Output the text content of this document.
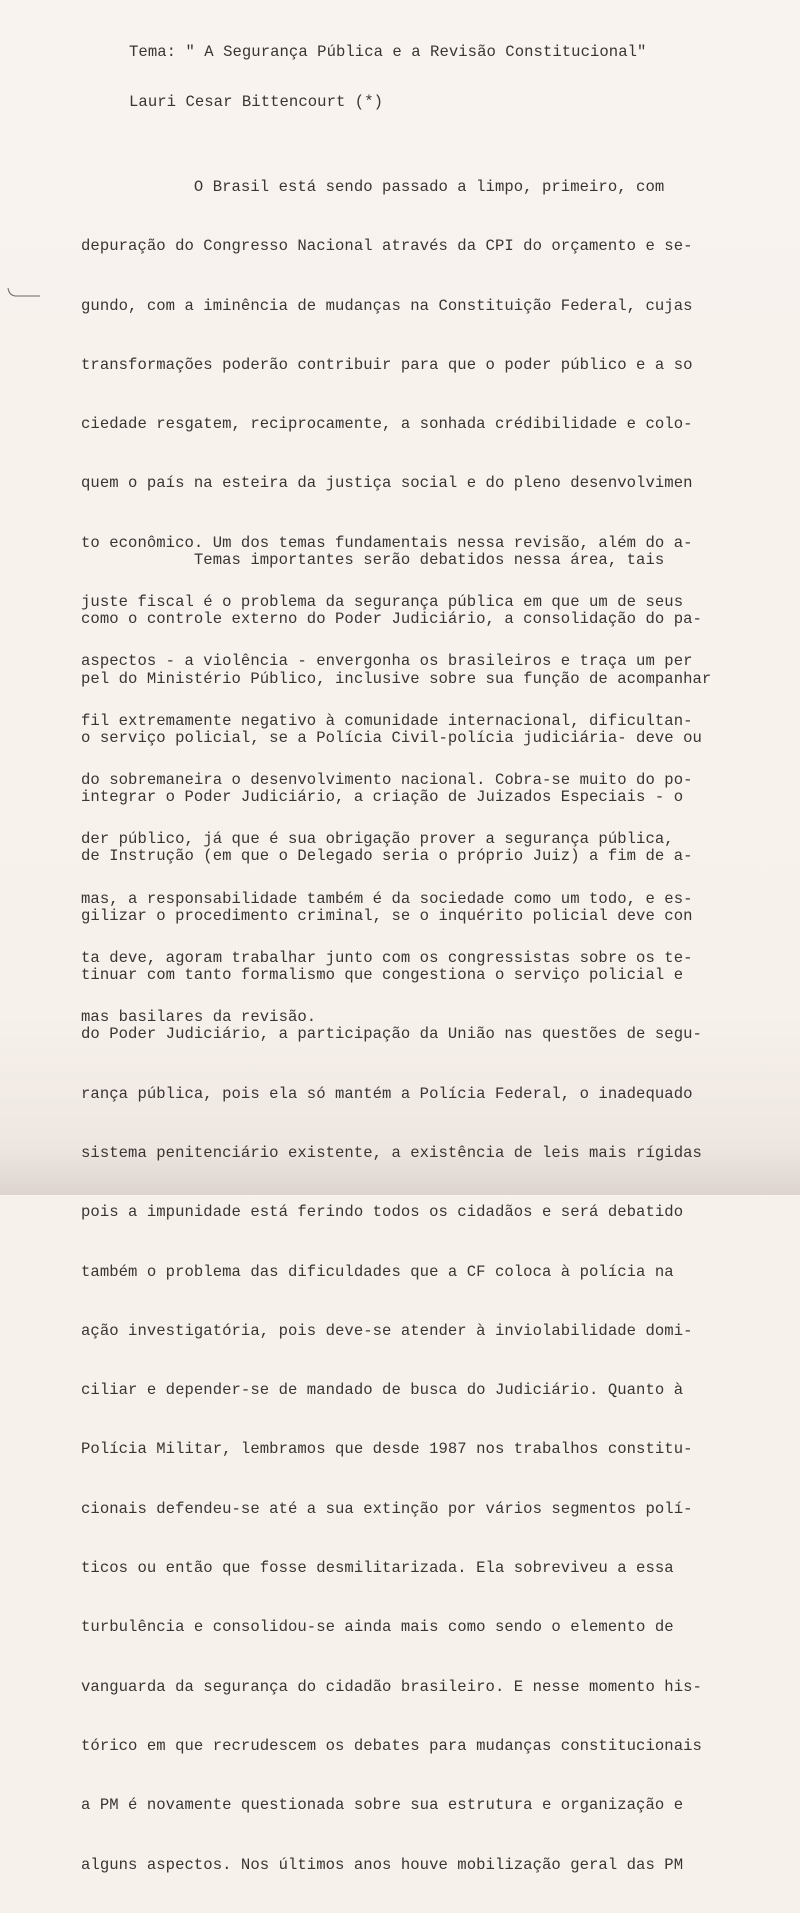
Tema: " A Segurança Pública e a Revisão Constitucional"
Lauri Cesar Bittencourt (*)

O Brasil está sendo passado a limpo, primeiro, com

depuração do Congresso Nacional através da CPI do orçamento e se-

gundo, com a iminência de mudanças na Constituição Federal, cujas

transformações poderão contribuir para que o poder público e a so

ciedade resgatem, reciprocamente, a sonhada crédibilidade e colo-

quem o país na esteira da justiça social e do pleno desenvolvimen

to econômico. Um dos temas fundamentais nessa revisão, além do a-

juste fiscal é o problema da segurança pública em que um de seus

aspectos - a violência - envergonha os brasileiros e traça um per

fil extremamente negativo à comunidade internacional, dificultan-

do sobremaneira o desenvolvimento nacional. Cobra-se muito do po-

der público, já que é sua obrigação prover a segurança pública,

mas, a responsabilidade também é da sociedade como um todo, e es-

ta deve, agoram trabalhar junto com os congressistas sobre os te-

mas basilares da revisão.

Temas importantes serão debatidos nessa área, tais

como o controle externo do Poder Judiciário, a consolidação do pa-

pel do Ministério Público, inclusive sobre sua função de acompanhar

o serviço policial, se a Polícia Civil-polícia judiciária- deve ou

integrar o Poder Judiciário, a criação de Juizados Especiais - o

de Instrução (em que o Delegado seria o próprio Juiz) a fim de a-

gilizar o procedimento criminal, se o inquérito policial deve con

tinuar com tanto formalismo que congestiona o serviço policial e

do Poder Judiciário, a participação da União nas questões de segu-

rança pública, pois ela só mantém a Polícia Federal, o inadequado

sistema penitenciário existente, a existência de leis mais rígidas

pois a impunidade está ferindo todos os cidadãos e será debatido

também o problema das dificuldades que a CF coloca à polícia na

ação investigatória, pois deve-se atender à inviolabilidade domi-

ciliar e depender-se de mandado de busca do Judiciário. Quanto à

Polícia Militar, lembramos que desde 1987 nos trabalhos constitu-

cionais defendeu-se até a sua extinção por vários segmentos polí-

ticos ou então que fosse desmilitarizada. Ela sobreviveu a essa

turbulência e consolidou-se ainda mais como sendo o elemento de

vanguarda da segurança do cidadão brasileiro. E nesse momento his-

tórico em que recrudescem os debates para mudanças constitucionais

a PM é novamente questionada sobre sua estrutura e organização e

alguns aspectos. Nos últimos anos houve mobilização geral das PM
